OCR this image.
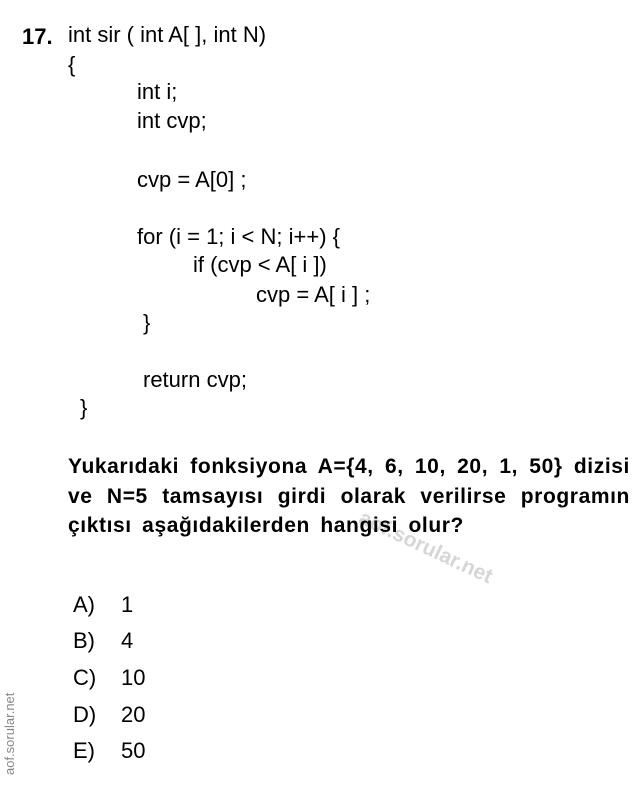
aof.sorular.net
aof.sorular.net
17. int sir ( int A[ ], int N)
{
int i;
int cvp;
cvp = A[0] ;
for (i = 1; i < N; i++) {
if (cvp < A[ i ])
cvp = A[ i ] ;
}
return cvp;
}
Yukarıdaki fonksiyona A={4, 6, 10, 20, 1, 50} dizisi ve N=5 tamsayısı girdi olarak verilirse programın çıktısı aşağıdakilerden hangisi olur?
A) 1
B) 4
C) 10
D) 20
E) 50
